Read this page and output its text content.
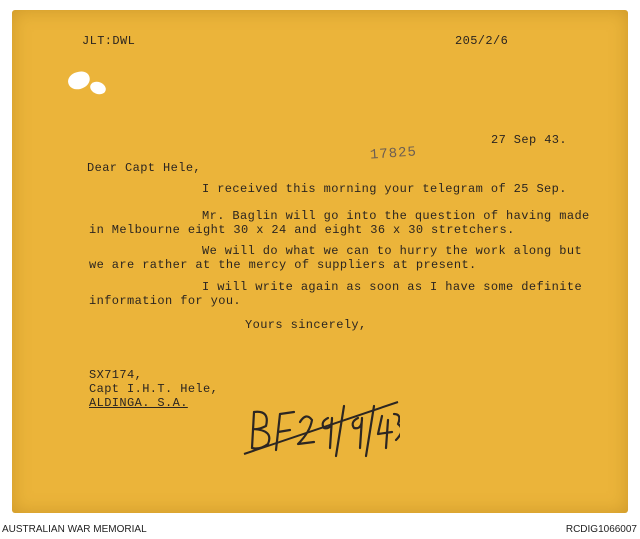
JLT:DWL	205/2/6
27 Sep 43.
17825
Dear Capt Hele,
I received this morning your telegram of 25 Sep.
Mr. Baglin will go into the question of having made
in Melbourne eight 30 x 24 and eight 36 x 30 stretchers.
We will do what we can to hurry the work along but
we are rather at the mercy of suppliers at present.
I will write again as soon as I have some definite
information for you.
Yours sincerely,
SX7174,
Capt I.H.T. Hele,
ALDINGA. S.A.
AUSTRALIAN WAR MEMORIAL	RCDIG1066007
